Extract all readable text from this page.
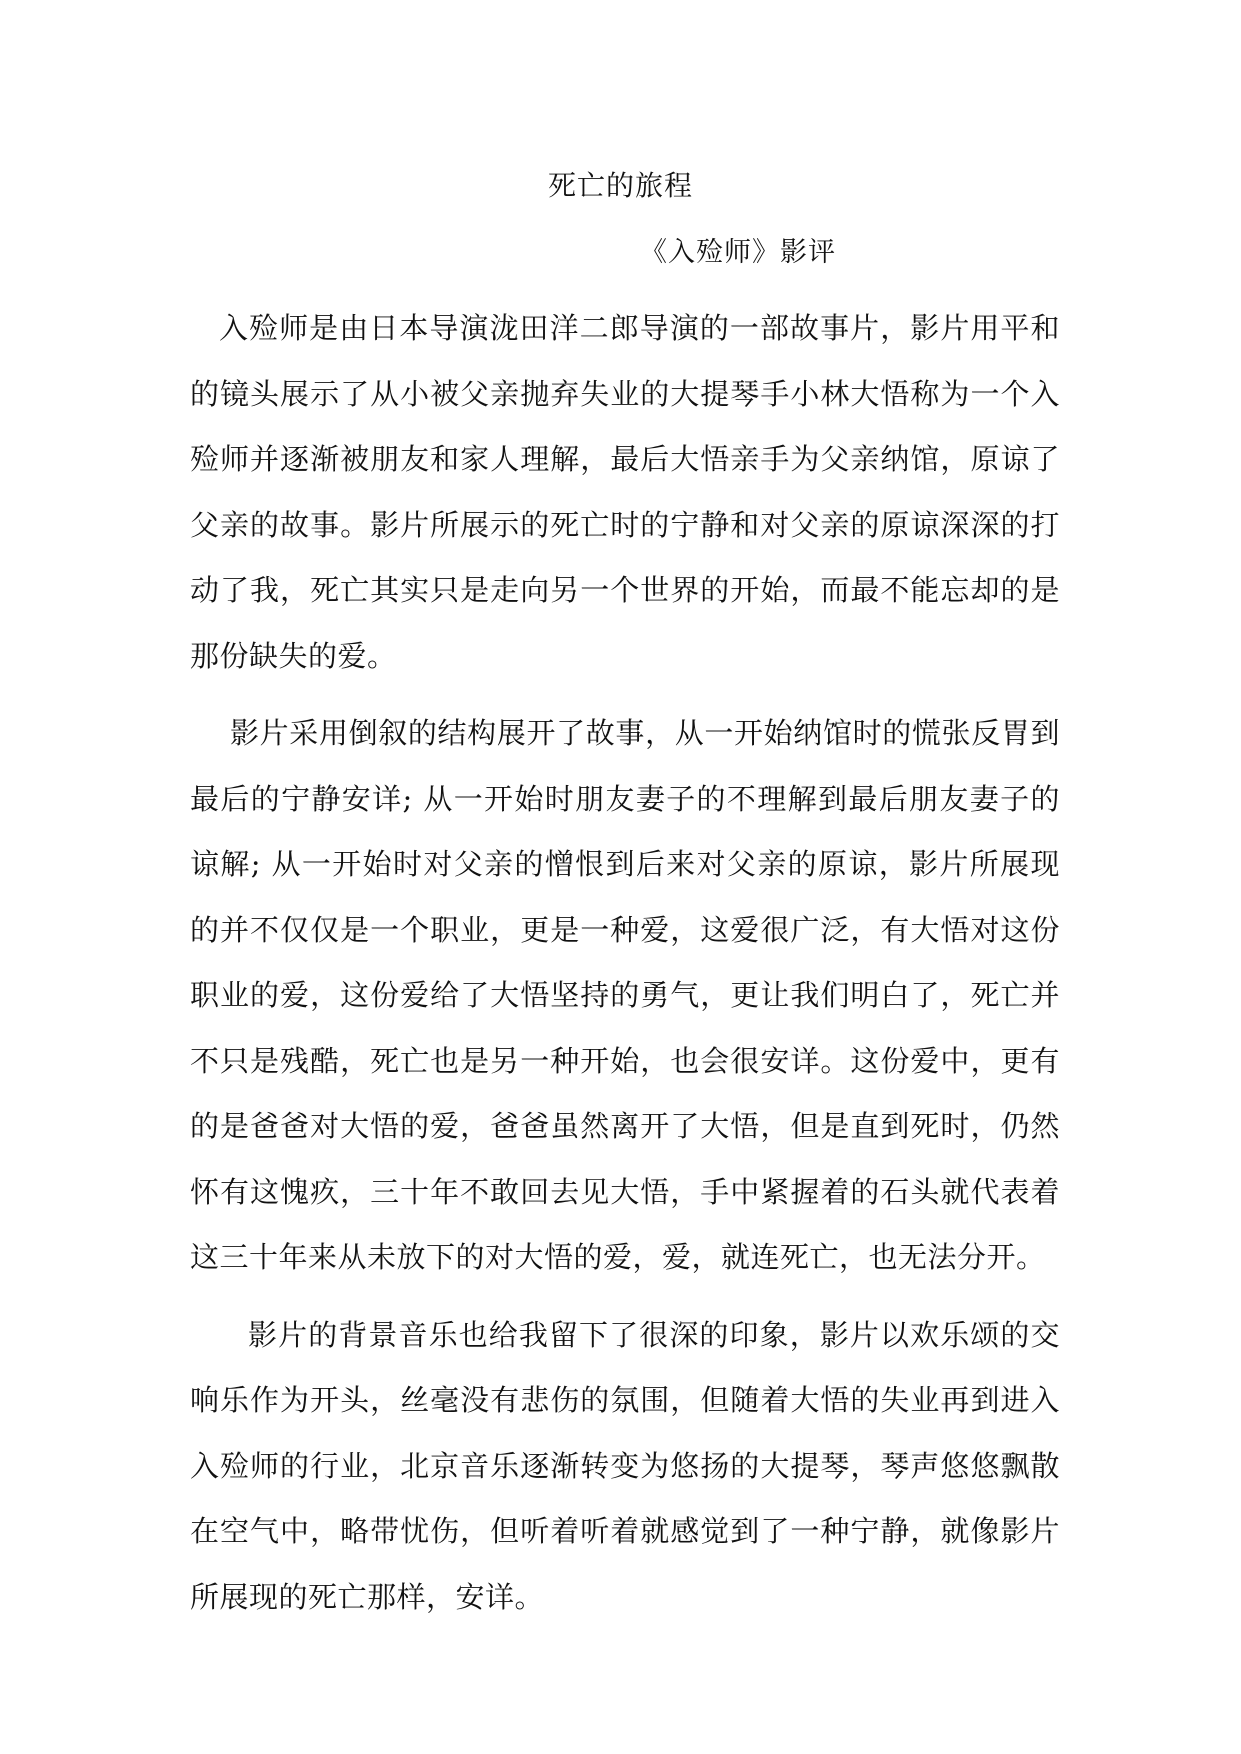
死亡的旅程
《入殓师》影评

入殓师是由日本导演泷田洋二郎导演的一部故事片，影片用平和的镜头展示了从小被父亲抛弃失业的大提琴手小林大悟称为一个入殓师并逐渐被朋友和家人理解，最后大悟亲手为父亲纳馆，原谅了父亲的故事。影片所展示的死亡时的宁静和对父亲的原谅深深的打动了我，死亡其实只是走向另一个世界的开始，而最不能忘却的是那份缺失的爱。

影片采用倒叙的结构展开了故事，从一开始纳馆时的慌张反胃到最后的宁静安详; 从一开始时朋友妻子的不理解到最后朋友妻子的谅解; 从一开始时对父亲的憎恨到后来对父亲的原谅，影片所展现的并不仅仅是一个职业，更是一种爱，这爱很广泛，有大悟对这份职业的爱，这份爱给了大悟坚持的勇气，更让我们明白了，死亡并不只是残酷，死亡也是另一种开始，也会很安详。这份爱中，更有的是爸爸对大悟的爱，爸爸虽然离开了大悟，但是直到死时，仍然怀有这愧疚，三十年不敢回去见大悟，手中紧握着的石头就代表着这三十年来从未放下的对大悟的爱，爱，就连死亡，也无法分开。

影片的背景音乐也给我留下了很深的印象，影片以欢乐颂的交响乐作为开头，丝毫没有悲伤的氛围，但随着大悟的失业再到进入入殓师的行业，北京音乐逐渐转变为悠扬的大提琴，琴声悠悠飘散在空气中，略带忧伤，但听着听着就感觉到了一种宁静，就像影片所展现的死亡那样，安详。
